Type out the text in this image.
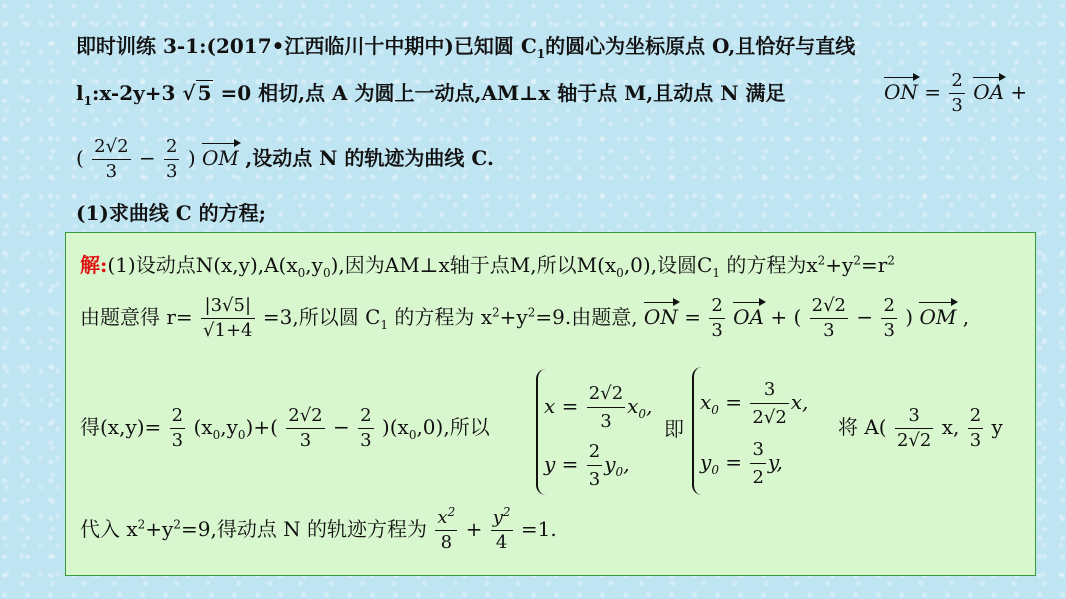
即时训练 3-1:(2017•江西临川十中期中)已知圆 $C_1$的圆心为坐标原点 O,且恰好与直线
$l_1:x-2y+3$ √ 5 =0 相切,点 A 为圆上一动点,AM⊥x 轴于点 M,且动点 N 满足	ON = $\frac{2}{3}$ OA +
( $\frac{2√2}{3} - \frac{2}{3}$ ) OM ,设动点 N 的轨迹为曲线 C.
(1)求曲线 C 的方程;
解:(1)设动点$N(x,y),A(x_0,y_0)$,因为AM⊥x轴于点M,所以$M(x_0,0)$,设圆$C_1$ 的方程为$x^2+y^2=r^2$
由题意得 $r= \frac{|3√5|}{√1+4} =3$,所以圆 $C_1$ 的方程为 $x^2+y^2=9$.由题意, ON = $\frac{2}{3}$ OA + ( $\frac{2√2}{3} - \frac{2}{3}$ ) OM ,
得$(x,y)= \frac{2}{3} (x_0,y_0)+( \frac{2√2}{3} - \frac{2}{3} )(x_0,0)$,所以
$x = \frac{2√2}{3} x_0$,
$y = \frac{2}{3} y_0$,
即
$x_0 = \frac{3}{2√2} x$,
$y_0 = \frac{3}{2} y$,
将 $A( \frac{3}{2√2} x$, $\frac{2}{3}$ y
代入 $x^2+y^2=9$,得动点 N 的轨迹方程为 $\frac{x^2}{8} + \frac{y^2}{4} =1$.
